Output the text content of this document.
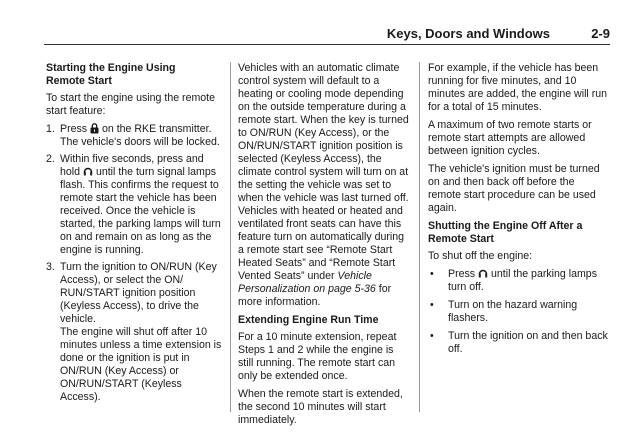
Keys, Doors and Windows	2-9
Starting the Engine Using
Remote Start
To start the engine using the remote start feature:
1. Press on the RKE transmitter.
The vehicle's doors will be locked.
2. Within five seconds, press and hold until the turn signal lamps flash. This confirms the request to remote start the vehicle has been received. Once the vehicle is started, the parking lamps will turn on and remain on as long as the engine is running.
3. Turn the ignition to ON/RUN (Key Access), or select the ON/ RUN/START ignition position (Keyless Access), to drive the vehicle.
The engine will shut off after 10 minutes unless a time extension is done or the ignition is put in ON/RUN (Key Access) or ON/RUN/START (Keyless Access).
Vehicles with an automatic climate control system will default to a heating or cooling mode depending on the outside temperature during a remote start. When the key is turned to ON/RUN (Key Access), or the ON/RUN/START ignition position is selected (Keyless Access), the climate control system will turn on at the setting the vehicle was set to when the vehicle was last turned off. Vehicles with heated or heated and ventilated front seats can have this feature turn on automatically during a remote start see “Remote Start Heated Seats” and “Remote Start Vented Seats” under Vehicle Personalization on page 5-36 for more information.
Extending Engine Run Time
For a 10 minute extension, repeat Steps 1 and 2 while the engine is still running. The remote start can only be extended once.
When the remote start is extended, the second 10 minutes will start immediately.
For example, if the vehicle has been running for five minutes, and 10 minutes are added, the engine will run for a total of 15 minutes.
A maximum of two remote starts or remote start attempts are allowed between ignition cycles.
The vehicle's ignition must be turned on and then back off before the remote start procedure can be used again.
Shutting the Engine Off After a
Remote Start
To shut off the engine:
•	Press until the parking lamps turn off.
•	Turn on the hazard warning flashers.
•	Turn the ignition on and then back off.
